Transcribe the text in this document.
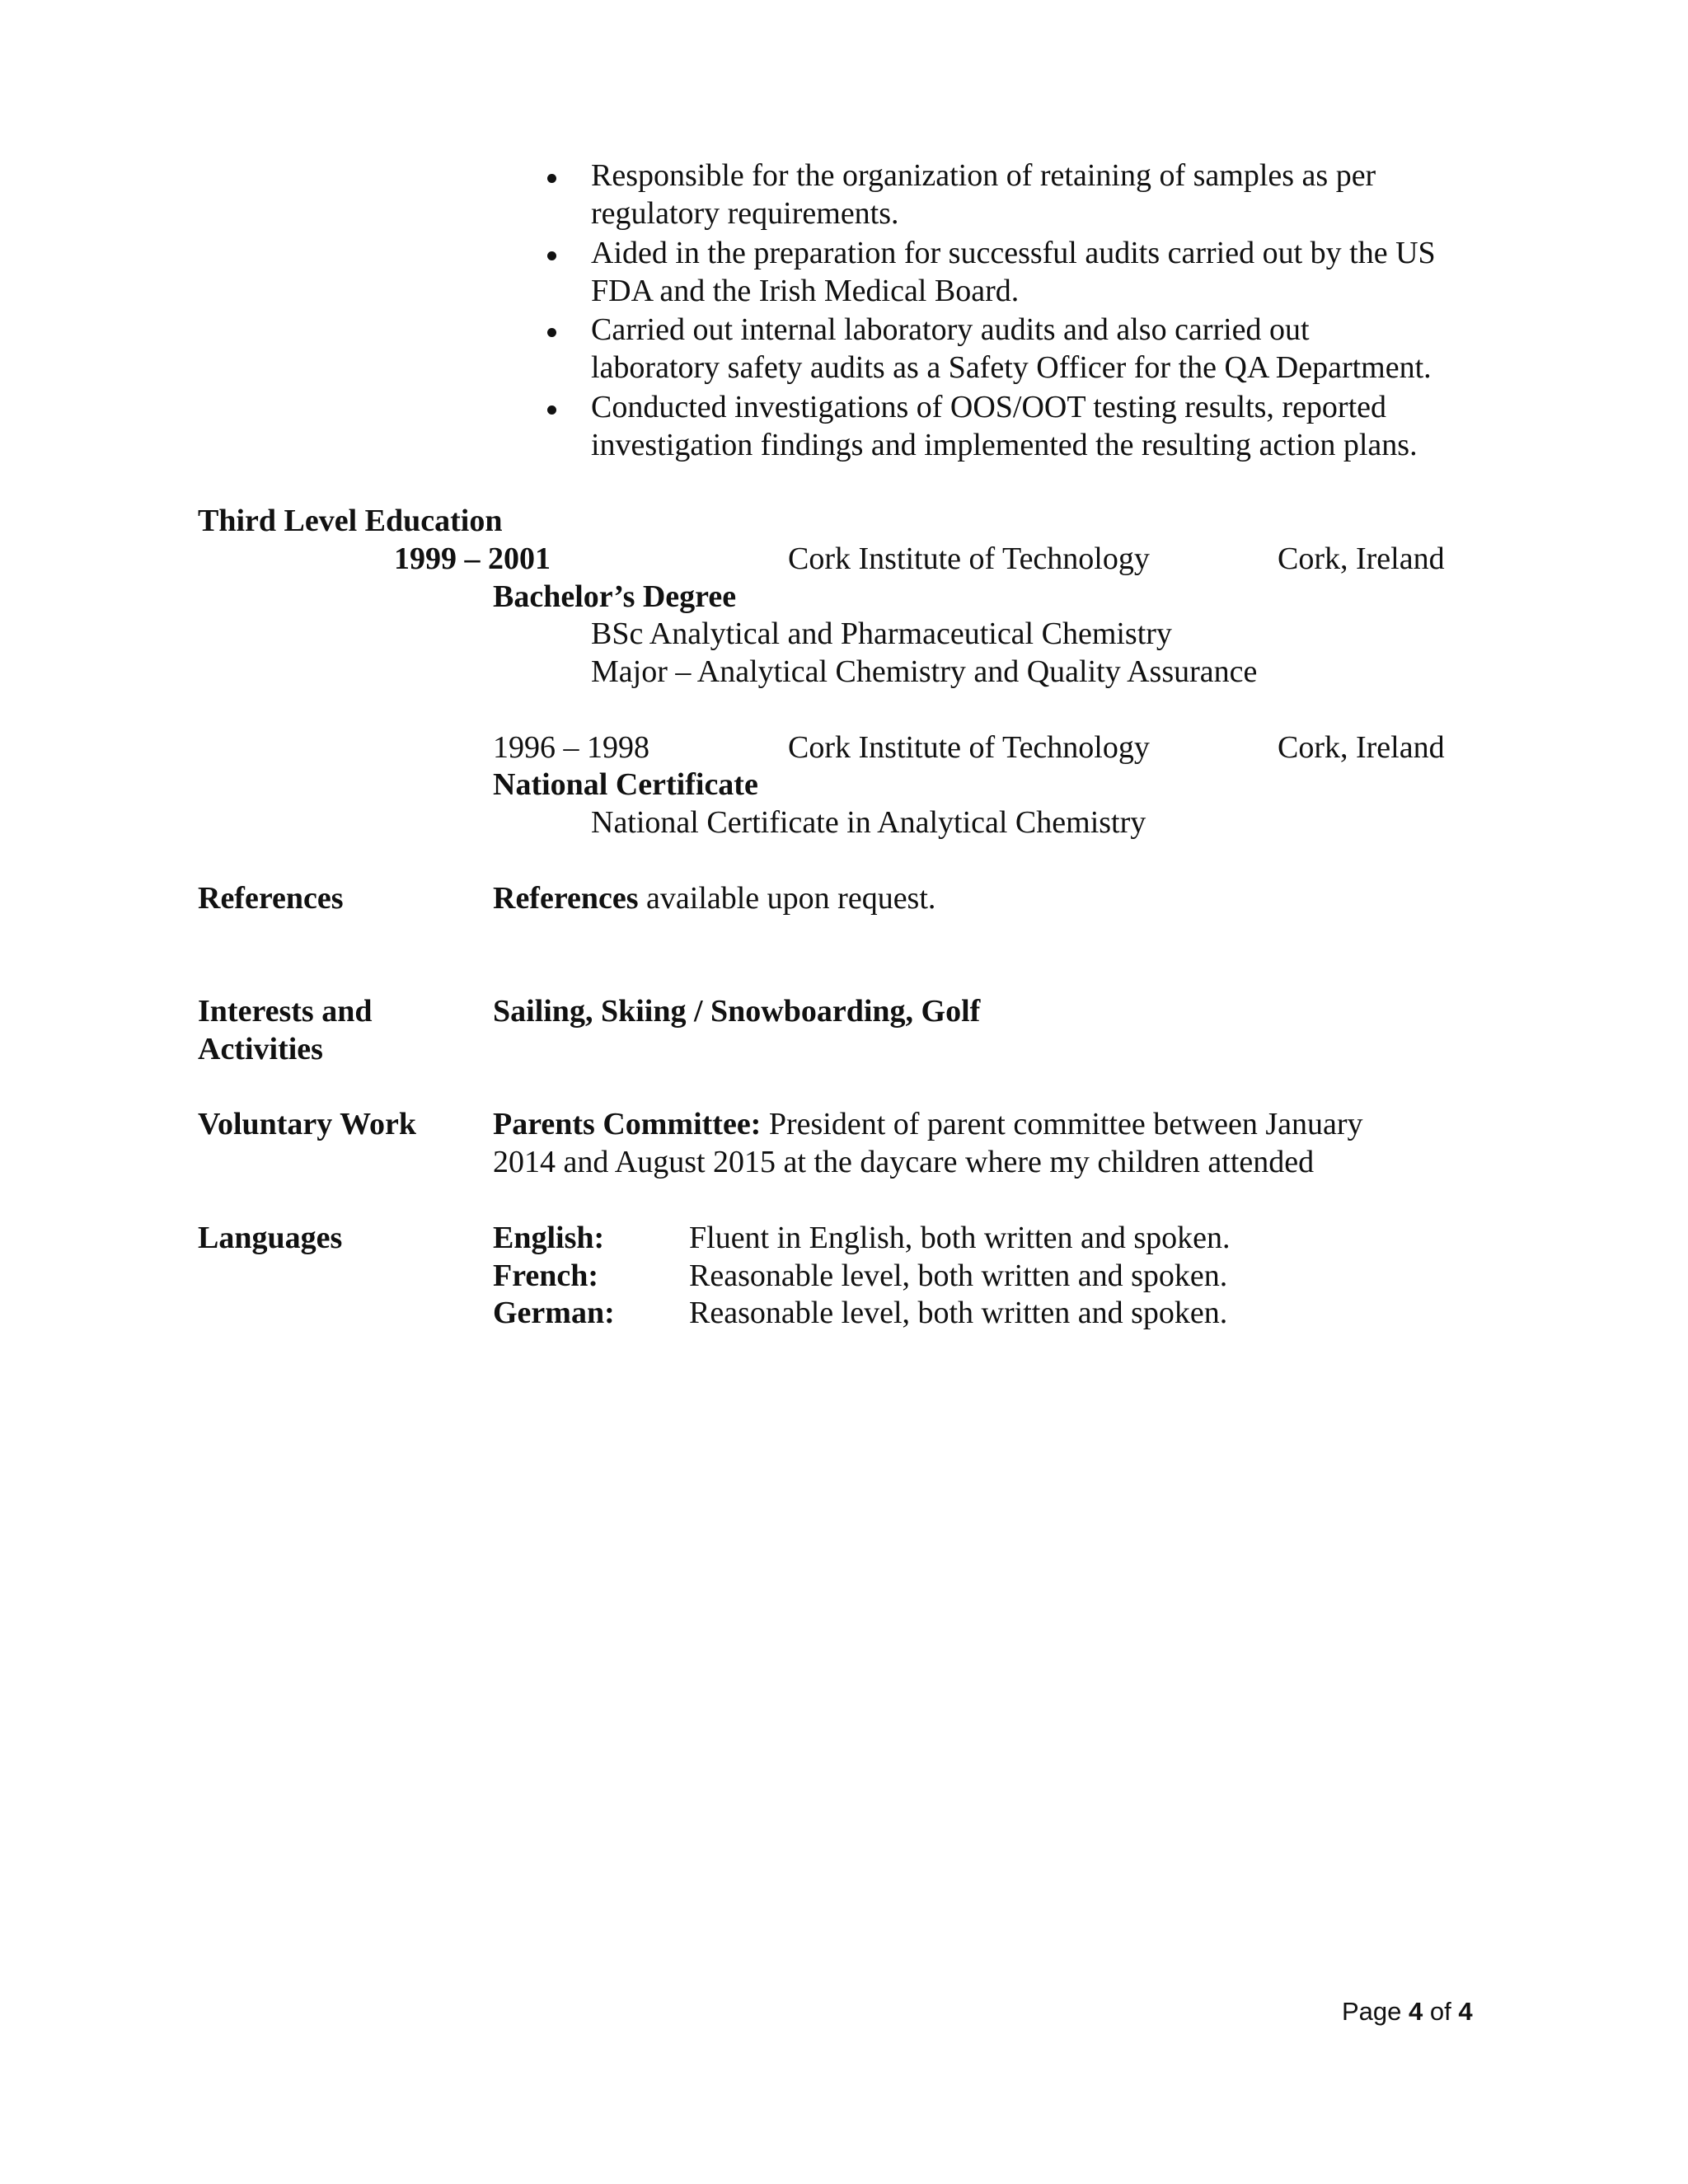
Responsible for the organization of retaining of samples as per
regulatory requirements.
Aided in the preparation for successful audits carried out by the US
FDA and the Irish Medical Board.
Carried out internal laboratory audits and also carried out
laboratory safety audits as a Safety Officer for the QA Department.
Conducted investigations of OOS/OOT testing results, reported
investigation findings and implemented the resulting action plans.
Third Level Education
1999 – 2001	Cork Institute of Technology	Cork, Ireland
Bachelor’s Degree
BSc Analytical and Pharmaceutical Chemistry
Major – Analytical Chemistry and Quality Assurance
1996 – 1998	Cork Institute of Technology	Cork, Ireland
National Certificate
National Certificate in Analytical Chemistry
References	References available upon request.
Interests and
Activities
Sailing, Skiing / Snowboarding, Golf
Voluntary Work Parents Committee: President of parent committee between January
2014 and August 2015 at the daycare where my children attended
Languages	English:	Fluent in English, both written and spoken.
French:	Reasonable level, both written and spoken.
German: Reasonable level, both written and spoken.
Page 4 of 4
